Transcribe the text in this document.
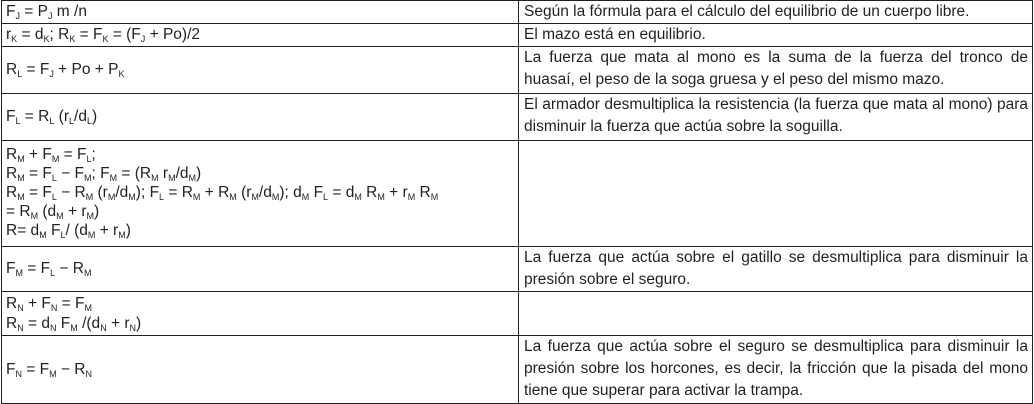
$F_J = P_J$ m /n	Según la fórmula para el cálculo del equilibrio de un cuerpo libre.

$r_K = d_K$; $R_K = F_K = (F_J + Po)/2$	El mazo está en equilibrio.

$R_L = F_J + Po + P_K$	La fuerza que mata al mono es la suma de la fuerza del tronco de huasaí, el peso de la soga gruesa y el peso del mismo mazo.

$F_L = R_L$ $(r_L/d_L)$	El armador desmultiplica la resistencia (la fuerza que mata al mono) para disminuir la fuerza que actúa sobre la soguilla.

$R_M + F_M = F_L$;
$R_M = F_L - F_M$; $F_M = (R_M$ $r_M/d_M$)
$R_M = F_L - R_M$ $(r_M/d_M)$; $F_L = R_M + R_M$ $(r_M/d_M)$; $d_M$ $F_L = d_M$ $R_M + r_M$ $R_M$
= $R_M$ $(d_M + r_M)$
$R= d_M$ $F_L/$ $(d_M + r_M)$	

$F_M = F_L - R_M$	La fuerza que actúa sobre el gatillo se desmultiplica para disminuir la presión sobre el seguro.

$R_N + F_N = F_M$
$R_N = d_N$ $F_M$ $/(d_N + r_N)$	

$F_N = F_M - R_N$	La fuerza que actúa sobre el seguro se desmultiplica para disminuir la presión sobre los horcones, es decir, la fricción que la pisada del mono tiene que superar para activar la trampa.
